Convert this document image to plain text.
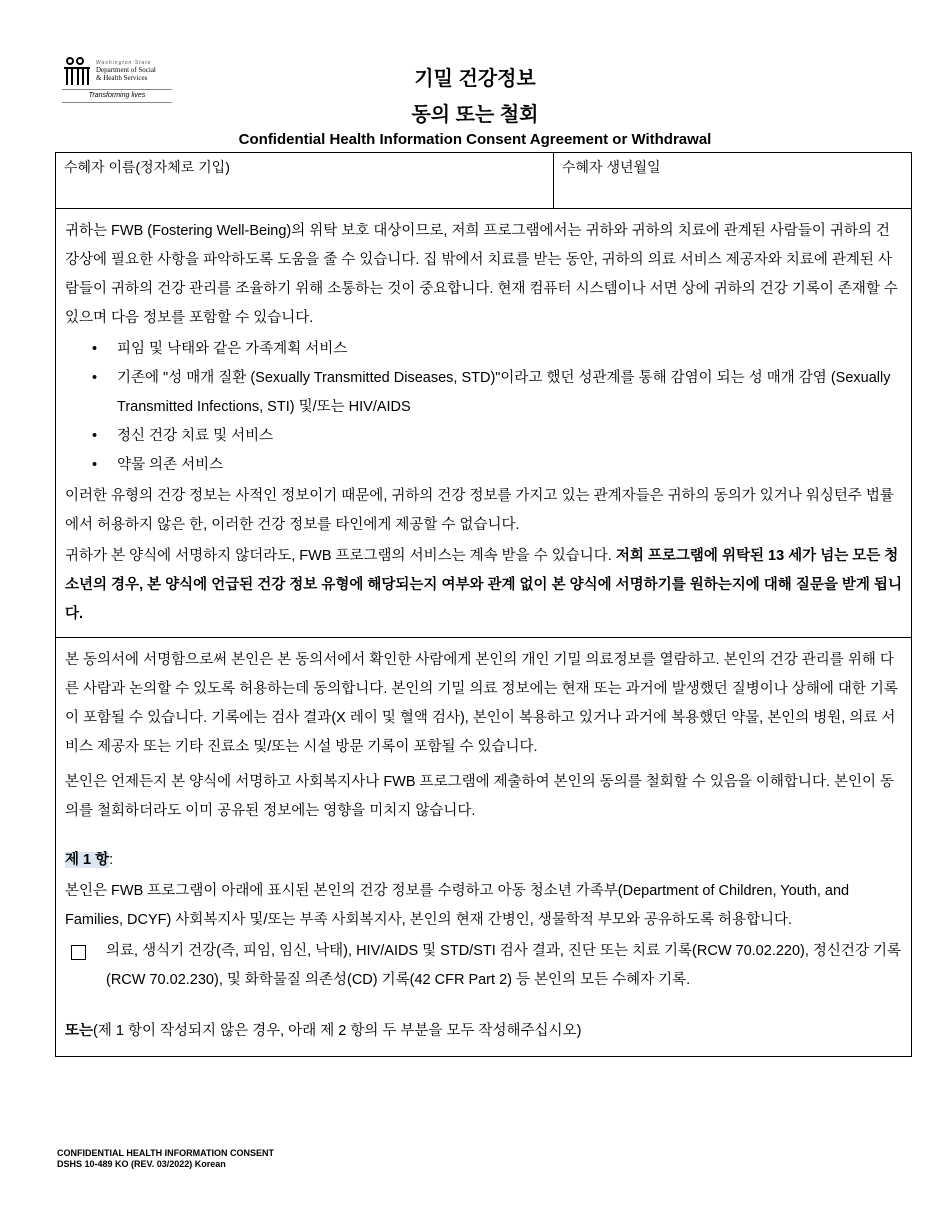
Washington State
Department of Social
& Health Services
Transforming lives
기밀 건강정보
동의 또는 철회
Confidential Health Information Consent Agreement or Withdrawal
수혜자 이름(정자체로 기입)	수혜자 생년월일

귀하는 FWB (Fostering Well-Being)의 위탁 보호 대상이므로, 저희 프로그램에서는 귀하와 귀하의 치료에 관계된 사람들이 귀하의 건강상에 필요한 사항을 파악하도록 도움을 줄 수 있습니다. 집 밖에서 치료를 받는 동안, 귀하의 의료 서비스 제공자와 치료에 관계된 사람들이 귀하의 건강 관리를 조율하기 위해 소통하는 것이 중요합니다. 현재 컴퓨터 시스템이나 서면 상에 귀하의 건강 기록이 존재할 수 있으며 다음 정보를 포함할 수 있습니다.

• 피임 및 낙태와 같은 가족계획 서비스
• 기존에 "성 매개 질환 (Sexually Transmitted Diseases, STD)"이라고 했던 성관계를 통해 감염이 되는 성 매개 감염 (Sexually Transmitted Infections, STI) 및/또는 HIV/AIDS
• 정신 건강 치료 및 서비스
• 약물 의존 서비스

이러한 유형의 건강 정보는 사적인 정보이기 때문에, 귀하의 건강 정보를 가지고 있는 관계자들은 귀하의 동의가 있거나 워싱턴주 법률에서 허용하지 않은 한, 이러한 건강 정보를 타인에게 제공할 수 없습니다.

귀하가 본 양식에 서명하지 않더라도, FWB 프로그램의 서비스는 계속 받을 수 있습니다. 저희 프로그램에 위탁된 13 세가 넘는 모든 청소년의 경우, 본 양식에 언급된 건강 정보 유형에 해당되는지 여부와 관계 없이 본 양식에 서명하기를 원하는지에 대해 질문을 받게 됩니다.

본 동의서에 서명함으로써 본인은 본 동의서에서 확인한 사람에게 본인의 개인 기밀 의료정보를 열람하고. 본인의 건강 관리를 위해 다른 사람과 논의할 수 있도록 허용하는데 동의합니다. 본인의 기밀 의료 정보에는 현재 또는 과거에 발생했던 질병이나 상해에 대한 기록이 포함될 수 있습니다. 기록에는 검사 결과(X 레이 및 혈액 검사), 본인이 복용하고 있거나 과거에 복용했던 약물, 본인의 병원, 의료 서비스 제공자 또는 기타 진료소 및/또는 시설 방문 기록이 포함될 수 있습니다.

본인은 언제든지 본 양식에 서명하고 사회복지사나 FWB 프로그램에 제출하여 본인의 동의를 철회할 수 있음을 이해합니다. 본인이 동의를 철회하더라도 이미 공유된 정보에는 영향을 미치지 않습니다.

제 1 항:

본인은 FWB 프로그램이 아래에 표시된 본인의 건강 정보를 수령하고 아동 청소년 가족부(Department of Children, Youth, and Families, DCYF) 사회복지사 및/또는 부족 사회복지사, 본인의 현재 간병인, 생물학적 부모와 공유하도록 허용합니다.

의료, 생식기 건강(즉, 피임, 임신, 낙태), HIV/AIDS 및 STD/STI 검사 결과, 진단 또는 치료 기록(RCW 70.02.220), 정신건강 기록(RCW 70.02.230), 및 화학물질 의존성(CD) 기록(42 CFR Part 2) 등 본인의 모든 수혜자 기록.

또는(제 1 항이 작성되지 않은 경우, 아래 제 2 항의 두 부분을 모두 작성해주십시오)

CONFIDENTIAL HEALTH INFORMATION CONSENT
DSHS 10-489 KO (REV. 03/2022) Korean
